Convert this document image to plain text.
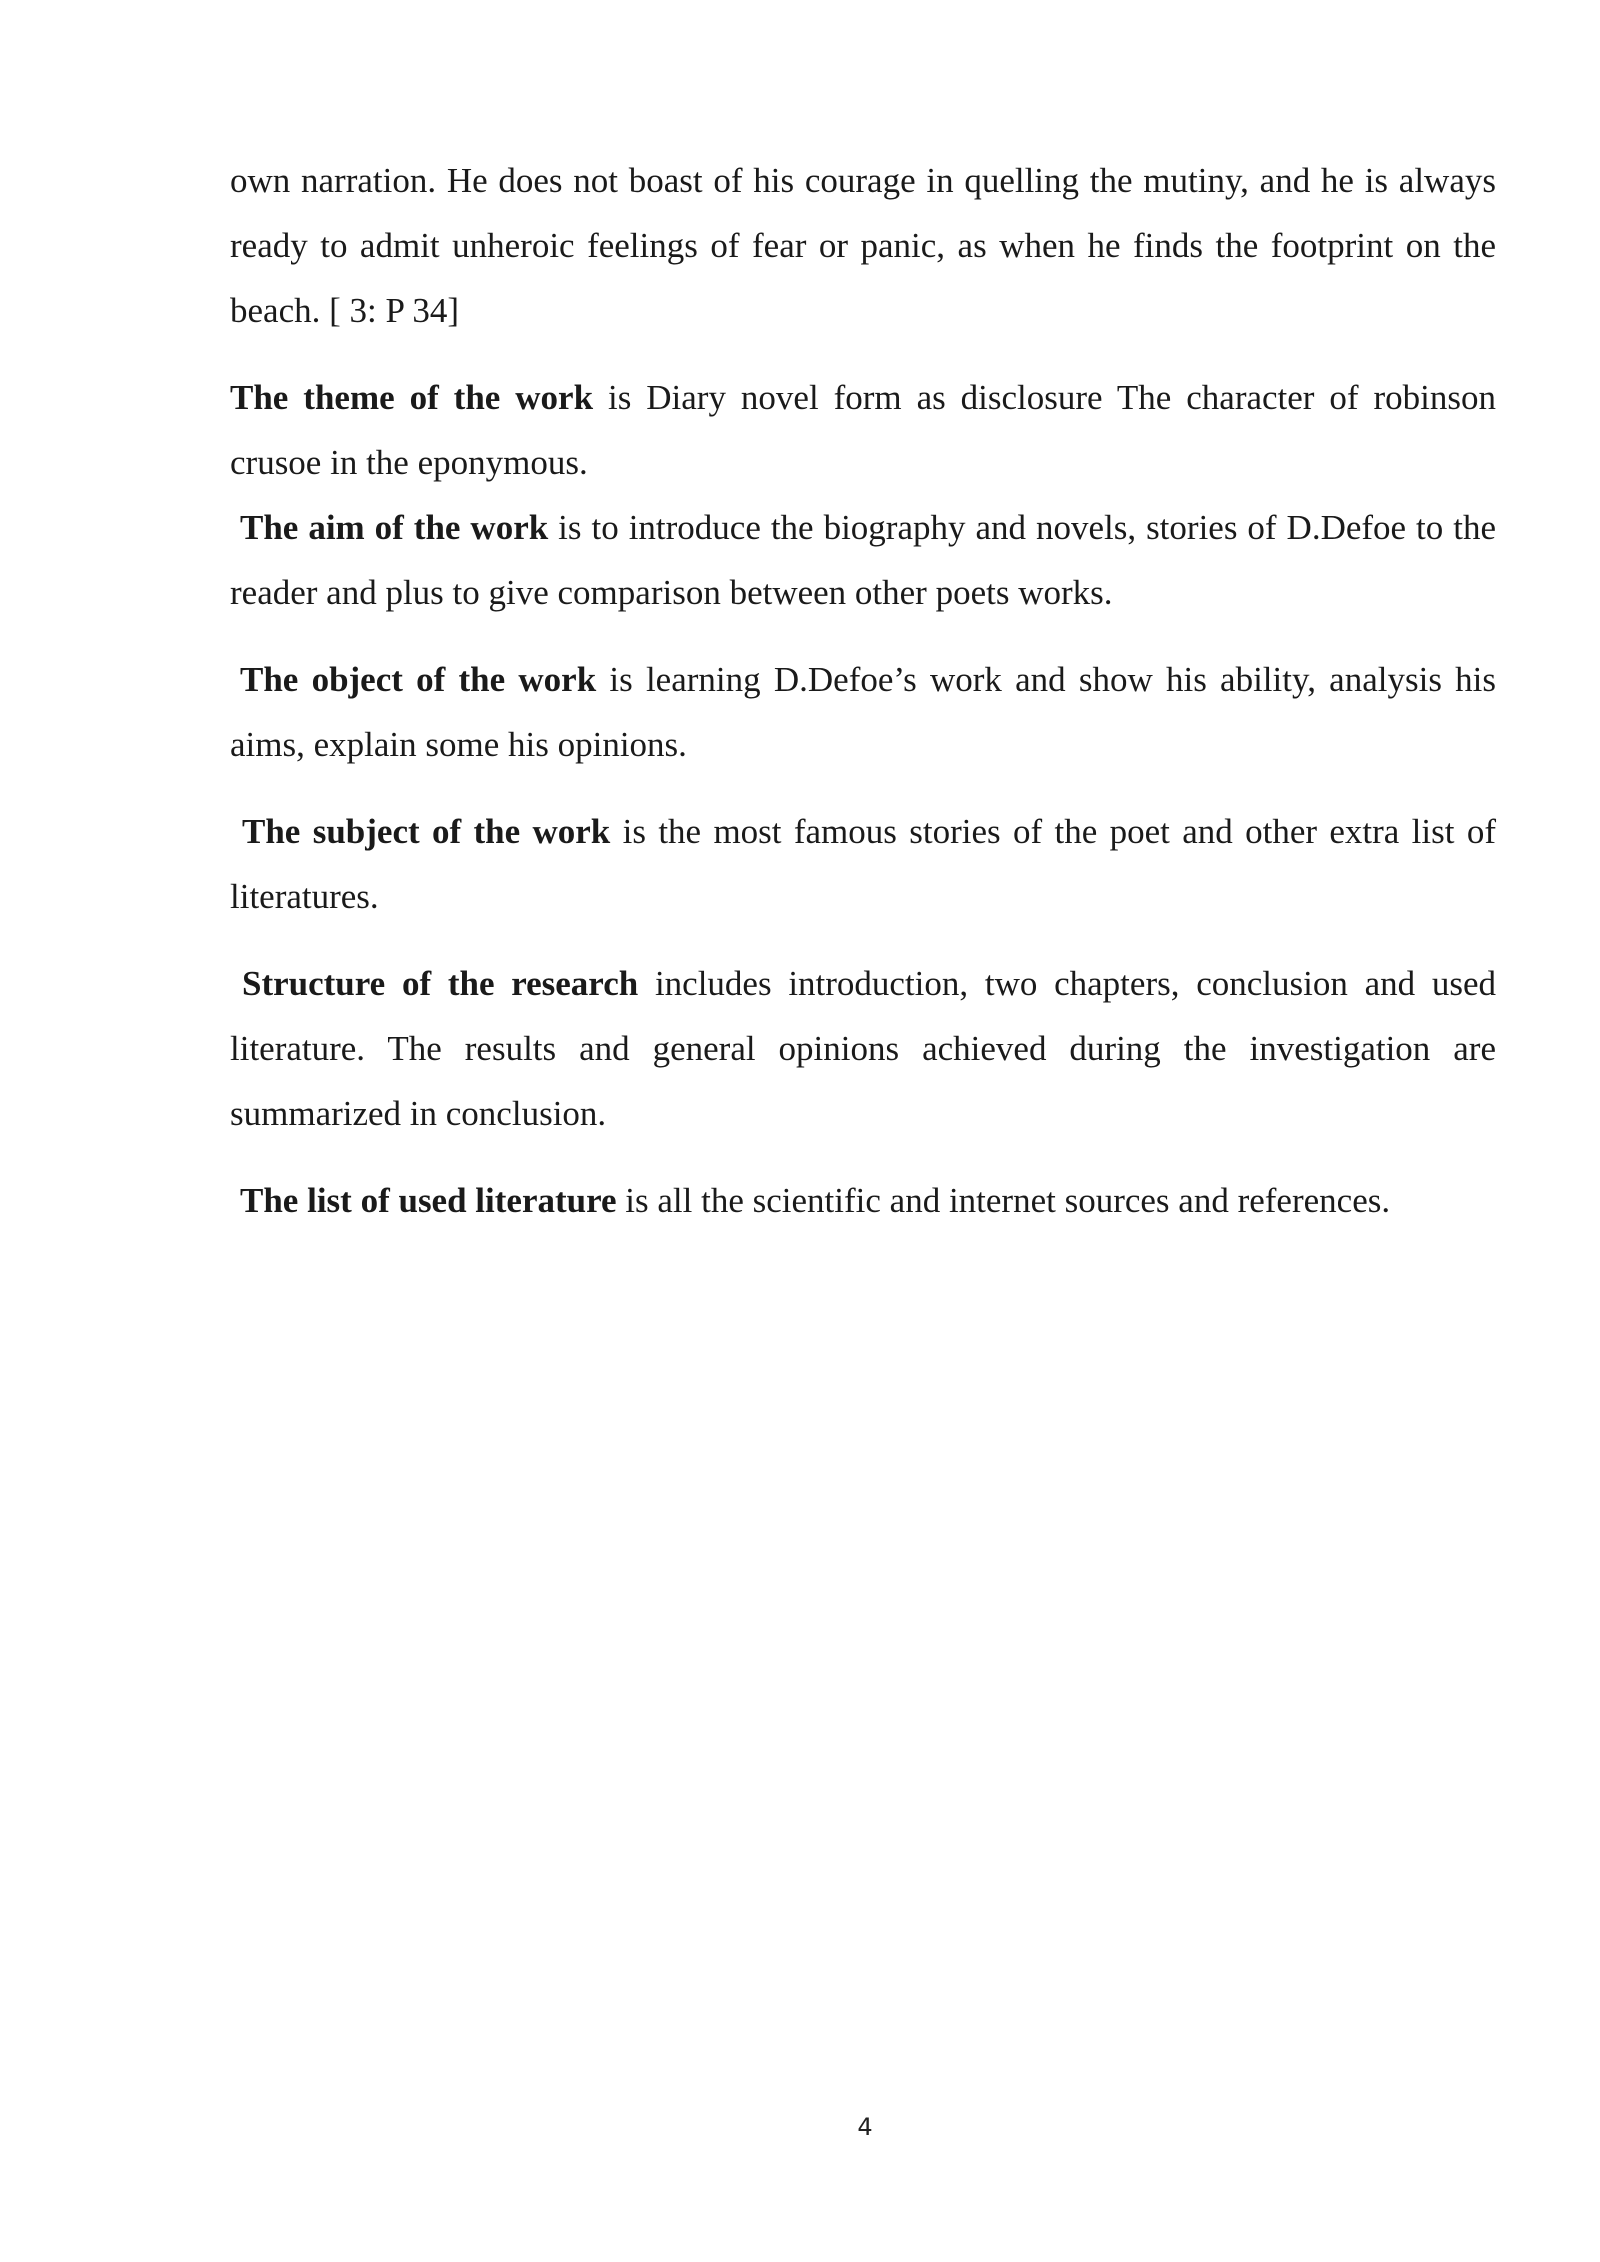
own narration. He does not boast of his courage in quelling the mutiny, and he is always ready to admit unheroic feelings of fear or panic, as when he finds the footprint on the beach. [ 3: P 34]

The theme of the work is Diary novel form as disclosure The character of robinson crusoe in the eponymous.

The aim of the work is to introduce the biography and novels, stories of D.Defoe to the reader and plus to give comparison between other poets works.

The object of the work is learning D.Defoe’s work and show his ability, analysis his aims, explain some his opinions.

The subject of the work is the most famous stories of the poet and other extra list of literatures.

Structure of the research includes introduction, two chapters, conclusion and used literature. The results and general opinions achieved during the investigation are summarized in conclusion.

The list of used literature is all the scientific and internet sources and references.

4
